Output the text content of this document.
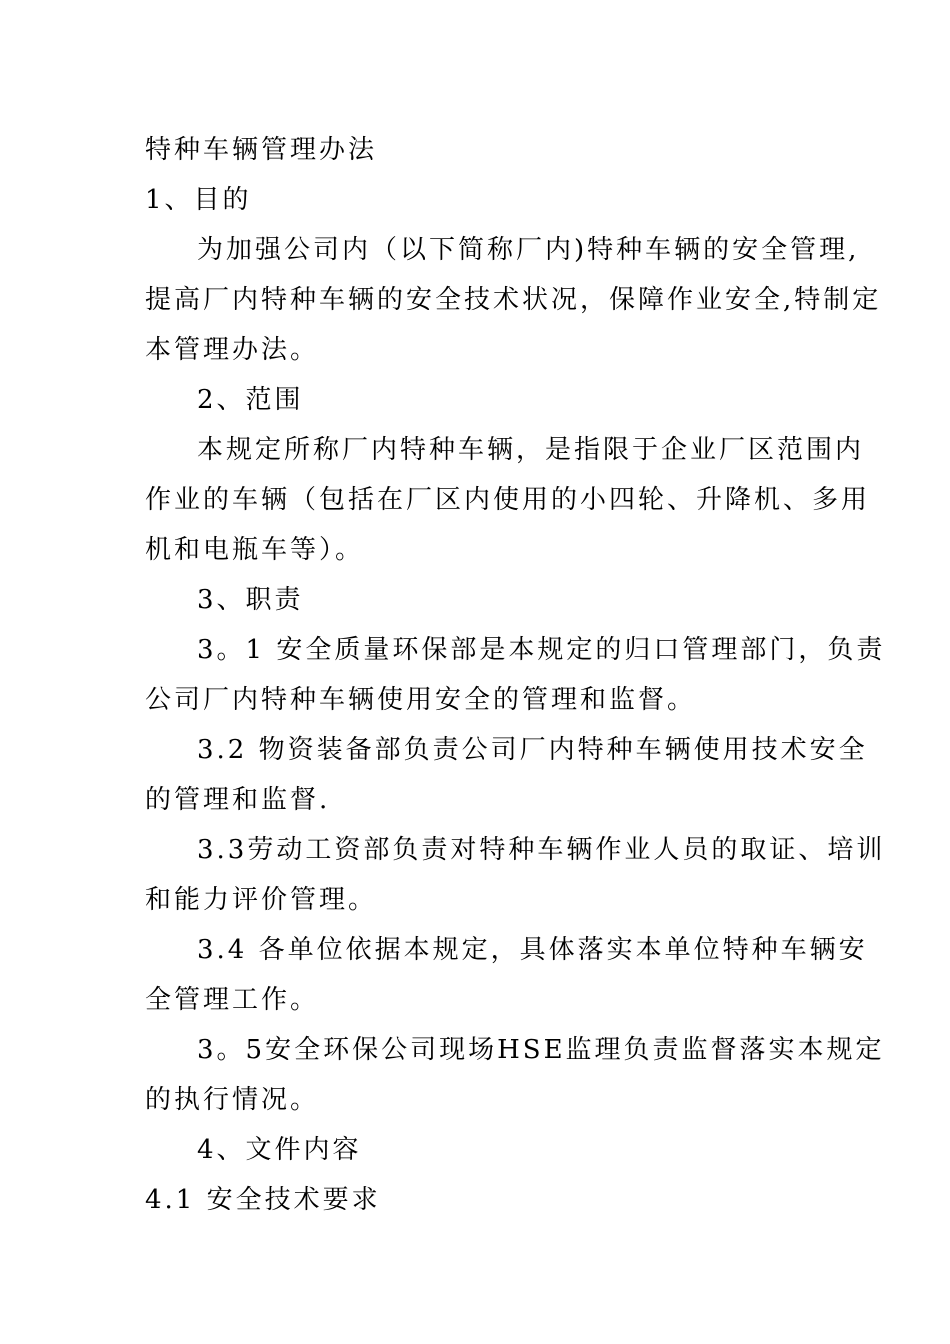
特种车辆管理办法
1、目的
为加强公司内（以下简称厂内)特种车辆的安全管理,
提高厂内特种车辆的安全技术状况，保障作业安全,特制定
本管理办法。
2、范围
本规定所称厂内特种车辆，是指限于企业厂区范围内
作业的车辆（包括在厂区内使用的小四轮、升降机、多用
机和电瓶车等）。
3、职责
3。1 安全质量环保部是本规定的归口管理部门，负责
公司厂内特种车辆使用安全的管理和监督。
3.2 物资装备部负责公司厂内特种车辆使用技术安全
的管理和监督.
3.3劳动工资部负责对特种车辆作业人员的取证、培训
和能力评价管理。
3.4 各单位依据本规定，具体落实本单位特种车辆安
全管理工作。
3。5安全环保公司现场HSE监理负责监督落实本规定
的执行情况。
4、文件内容
4.1 安全技术要求
